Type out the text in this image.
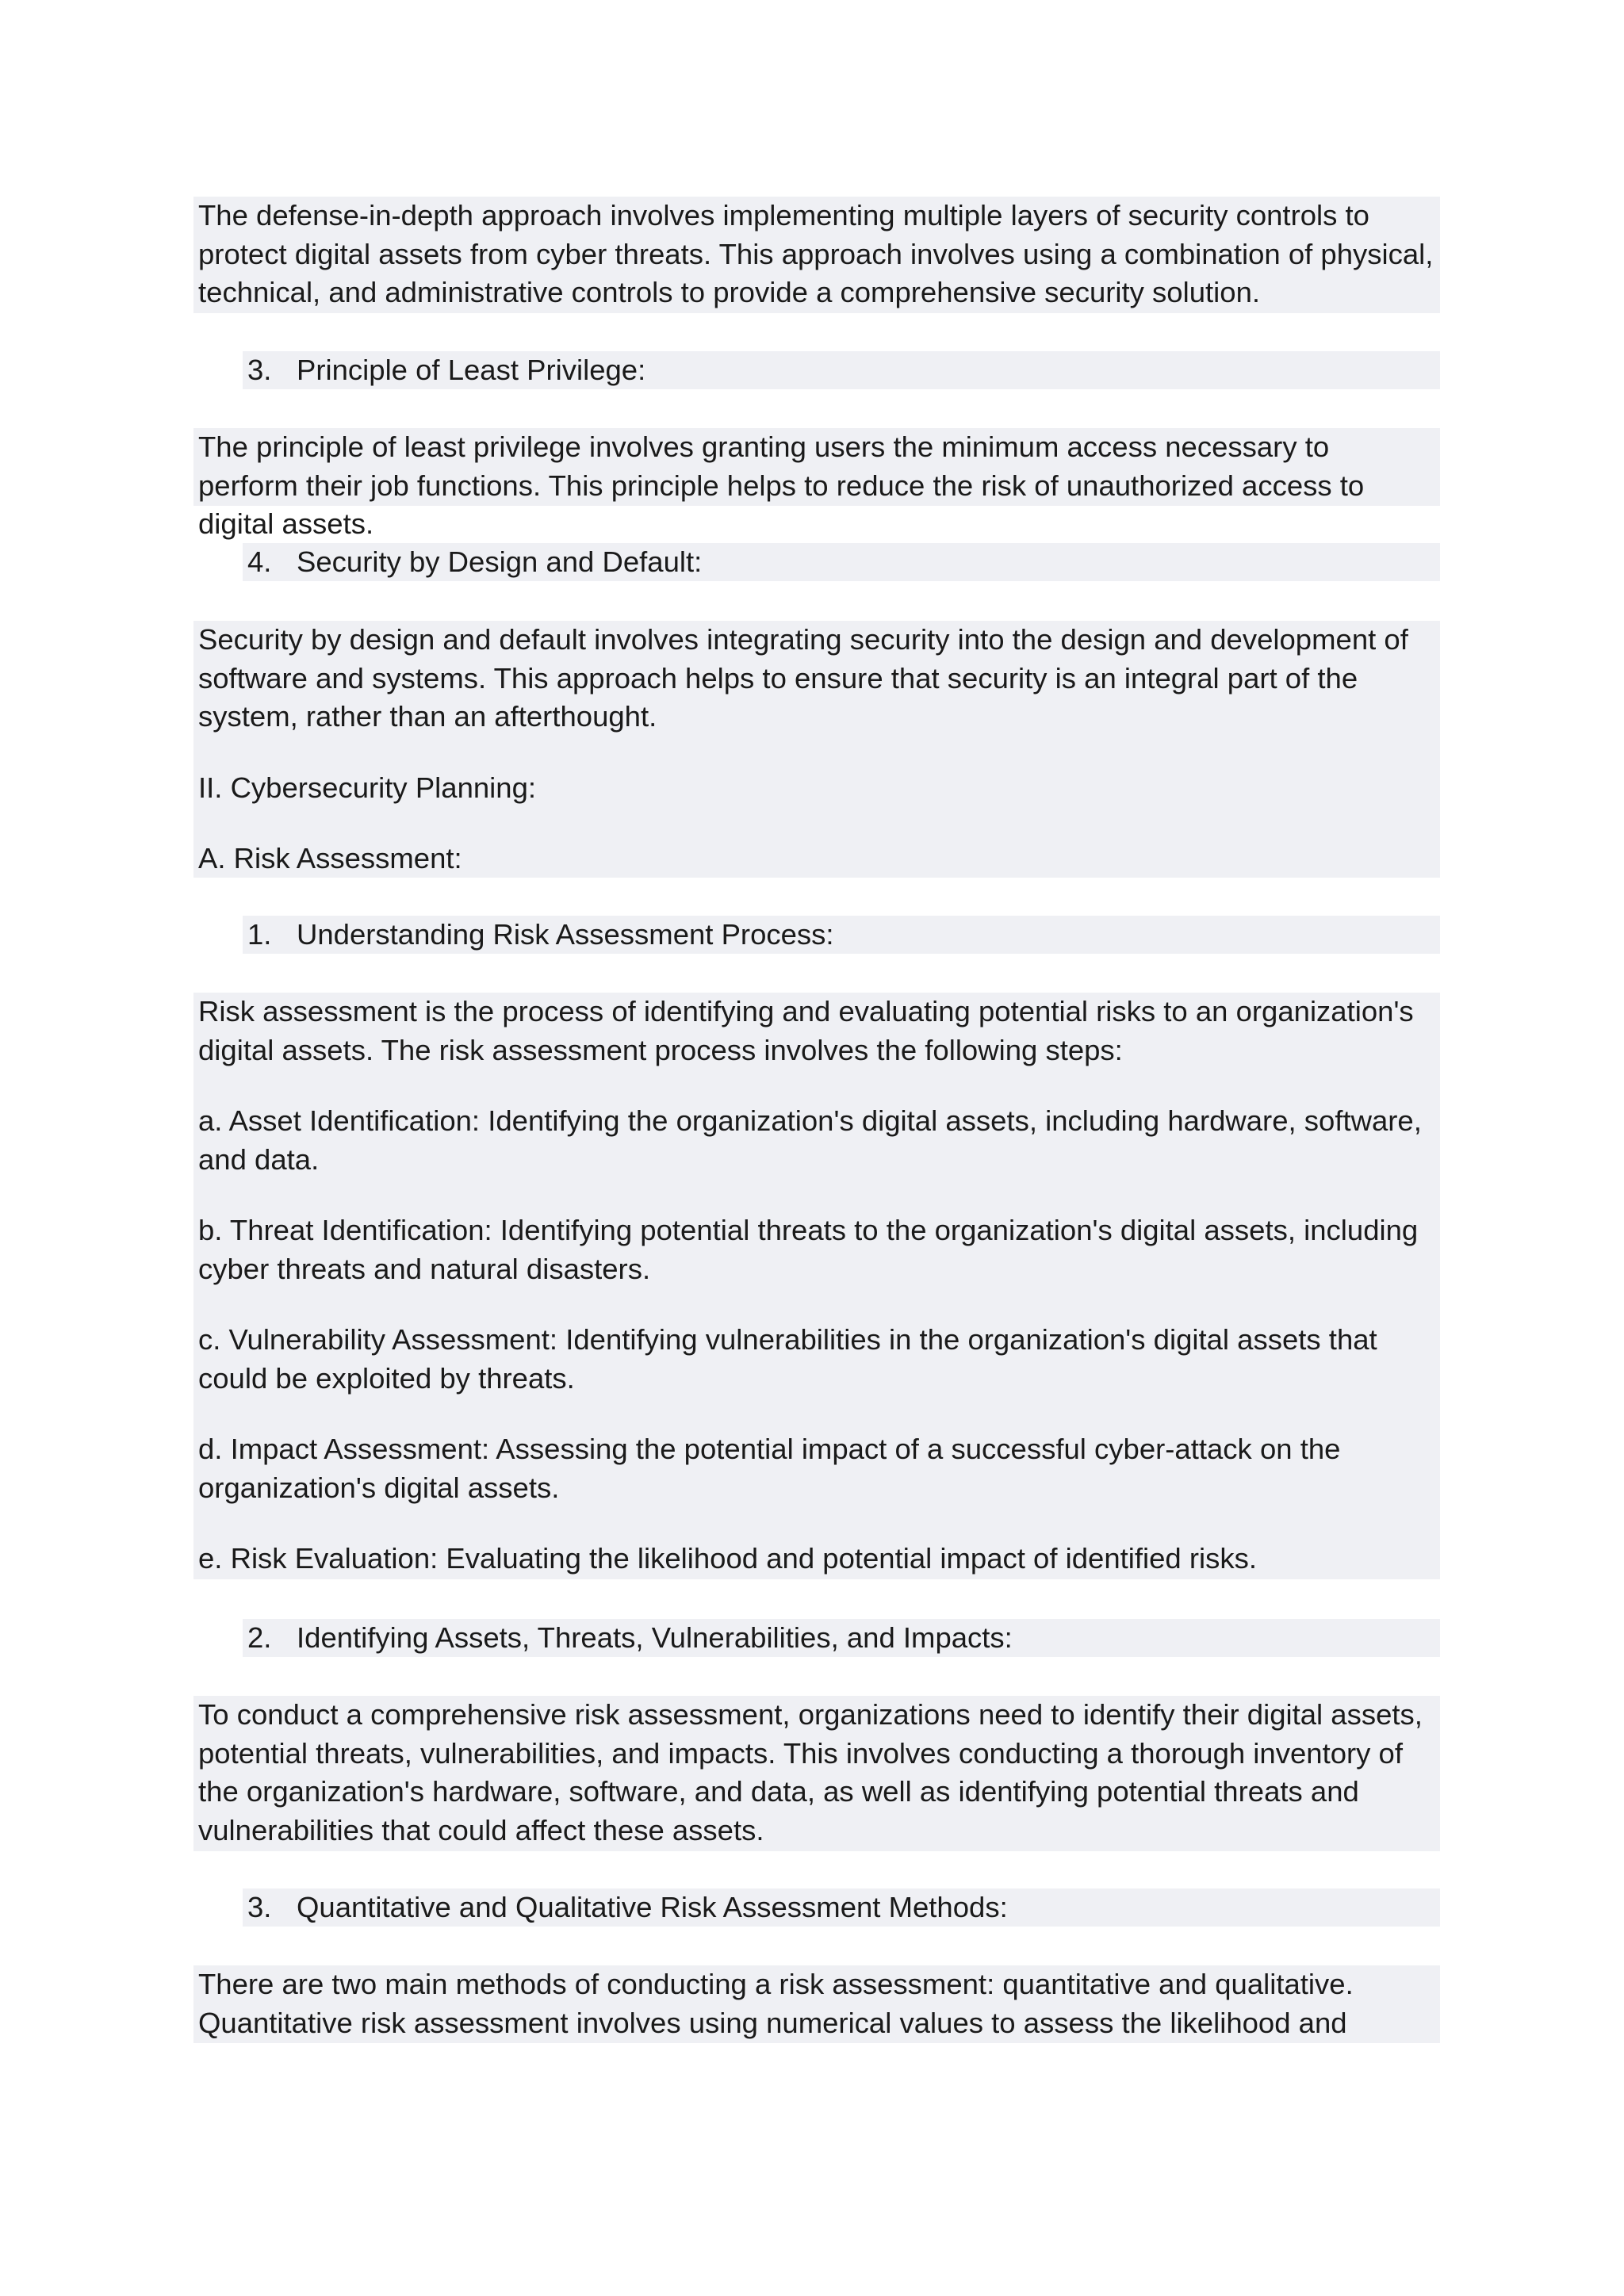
The defense-in-depth approach involves implementing multiple layers of security controls to protect digital assets from cyber threats. This approach involves using a combination of physical, technical, and administrative controls to provide a comprehensive security solution.

3. Principle of Least Privilege:

The principle of least privilege involves granting users the minimum access necessary to perform their job functions. This principle helps to reduce the risk of unauthorized access to digital assets.

4. Security by Design and Default:

Security by design and default involves integrating security into the design and development of software and systems. This approach helps to ensure that security is an integral part of the system, rather than an afterthought.

II. Cybersecurity Planning:

A. Risk Assessment:

1. Understanding Risk Assessment Process:

Risk assessment is the process of identifying and evaluating potential risks to an organization's digital assets. The risk assessment process involves the following steps:

a. Asset Identification: Identifying the organization's digital assets, including hardware, software, and data.

b. Threat Identification: Identifying potential threats to the organization's digital assets, including cyber threats and natural disasters.

c. Vulnerability Assessment: Identifying vulnerabilities in the organization's digital assets that could be exploited by threats.

d. Impact Assessment: Assessing the potential impact of a successful cyber-attack on the organization's digital assets.

e. Risk Evaluation: Evaluating the likelihood and potential impact of identified risks.

2. Identifying Assets, Threats, Vulnerabilities, and Impacts:

To conduct a comprehensive risk assessment, organizations need to identify their digital assets, potential threats, vulnerabilities, and impacts. This involves conducting a thorough inventory of the organization's hardware, software, and data, as well as identifying potential threats and vulnerabilities that could affect these assets.

3. Quantitative and Qualitative Risk Assessment Methods:

There are two main methods of conducting a risk assessment: quantitative and qualitative. Quantitative risk assessment involves using numerical values to assess the likelihood and
